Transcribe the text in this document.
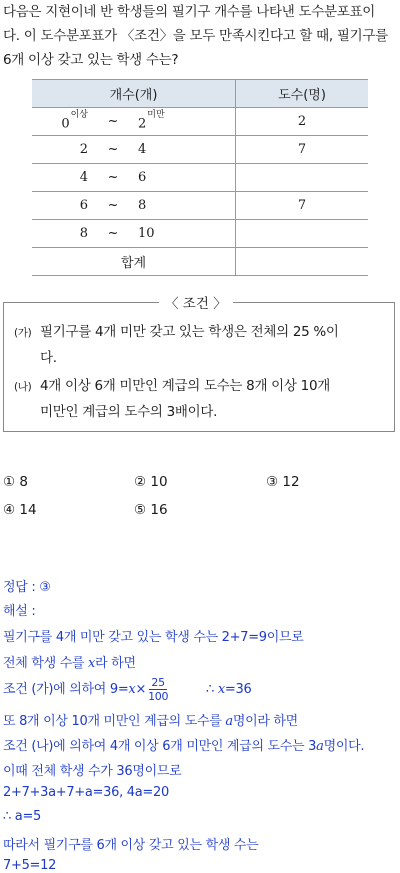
다음은 지현이네 반 학생들의 필기구 개수를 나타낸 도수분포표이

다. 이 도수분포표가 〈조건〉을 모두 만족시킨다고 할 때, 필기구를

6개 이상 갖고 있는 학생 수는?

개수(개)	도수(명)

$0^{이상}$ ~ $2^{미만}$	2

2 ~ 4	7

4 ~ 6	

6 ~ 8	7

8 ~ 10	

합계	
〈 조건 〉
(가) 필기구를 4개 미만 갖고 있는 학생은 전체의 25 %이
다.
(나) 4개 이상 6개 미만인 계급의 도수는 8개 이상 10개
미만인 계급의 도수의 3배이다.
① 8	② 10	③ 12
④ 14	⑤ 16
정답 : ③
해설 :
필기구를 4개 미만 갖고 있는 학생 수는 2+7=9이므로
전체 학생 수를 x라 하면
조건 (가)에 의하여 $9=x\times \frac{25}{100}$	∴ x=36
또 8개 이상 10개 미만인 계급의 도수를 a명이라 하면
조건 (나)에 의하여 4개 이상 6개 미만인 계급의 도수는 3a명이다.
이때 전체 학생 수가 36명이므로
2+7+3a+7+a=36, 4a=20
∴ a=5
따라서 필기구를 6개 이상 갖고 있는 학생 수는
7+5=12
